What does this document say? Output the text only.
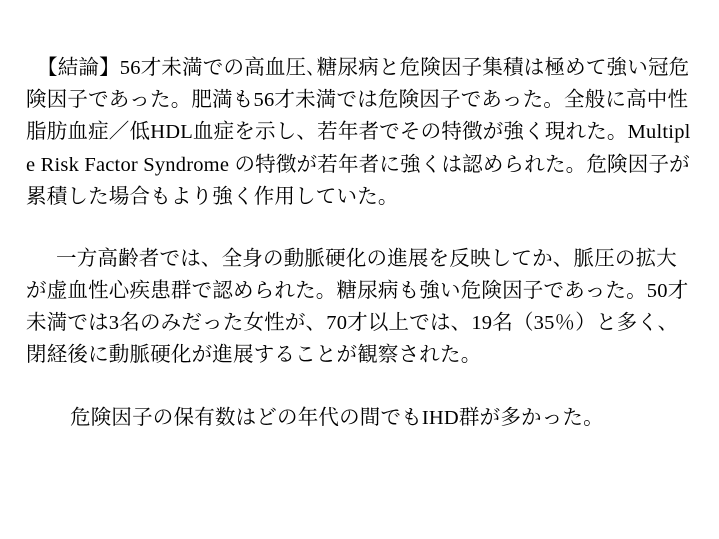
【結論】56才未満での高血圧､糖尿病と危険因子集積は極めて強い冠危険因子であった。肥満も56才未満では危険因子であった。全般に高中性脂肪血症／低HDL血症を示し、若年者でその特徴が強く現れた。Multiple Risk Factor Syndrome の特徴が若年者に強くは認められた。危険因子が累積した場合もより強く作用していた。

一方高齢者では、全身の動脈硬化の進展を反映してか、脈圧の拡大が虚血性心疾患群で認められた。糖尿病も強い危険因子であった。50才未満では3名のみだった女性が、70才以上では、19名（35％）と多く、閉経後に動脈硬化が進展することが観察された。

危険因子の保有数はどの年代の間でもIHD群が多かった。
